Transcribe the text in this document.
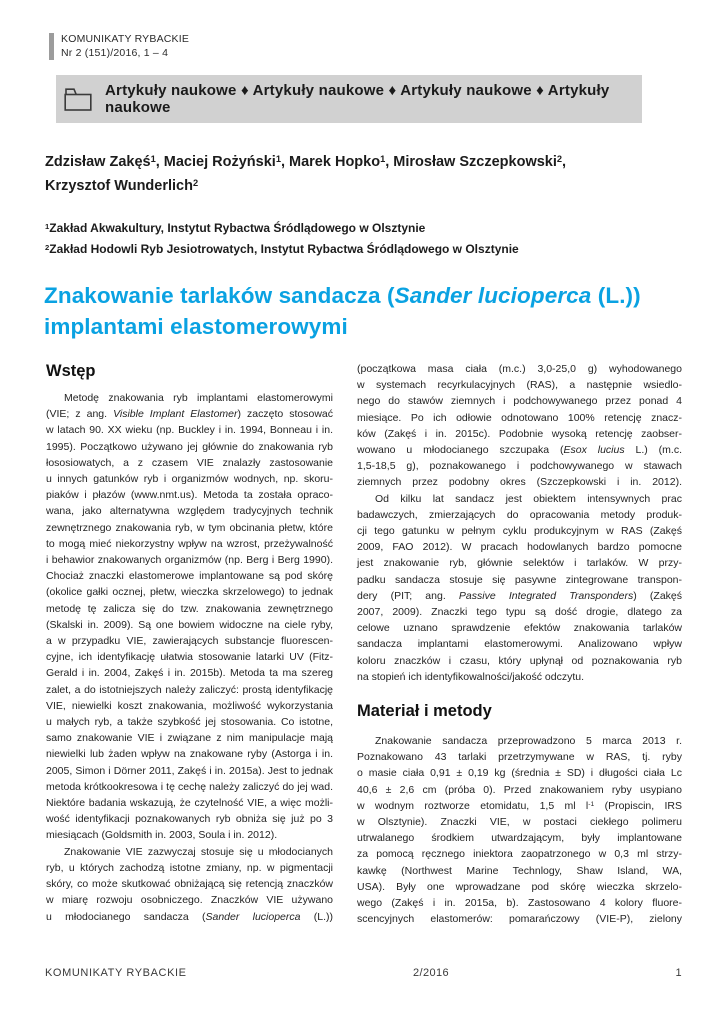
KOMUNIKATY RYBACKIE
Nr 2 (151)/2016, 1 – 4
Artykuły naukowe ♦ Artykuły naukowe ♦ Artykuły naukowe ♦ Artykuły naukowe
Zdzisław Zakęś$^1$, Maciej Rożyński$^1$, Marek Hopko$^1$, Mirosław Szczepkowski$^2$,
Krzysztof Wunderlich$^2$
$^1$Zakład Akwakultury, Instytut Rybactwa Śródlądowego w Olsztynie
$^2$Zakład Hodowli Ryb Jesiotrowatych, Instytut Rybactwa Śródlądowego w Olsztynie
Znakowanie tarlaków sandacza (Sander lucioperca (L.))
implantami elastomerowymi
Wstęp
Metodę znakowania ryb implantami elastomerowymi
(VIE; z ang. Visible Implant Elastomer) zaczęto stosować
w latach 90. XX wieku (np. Buckley i in. 1994, Bonneau i in.
1995). Początkowo używano jej głównie do znakowania ryb
łososiowatych, a z czasem VIE znalazły zastosowanie
u innych gatunków ryb i organizmów wodnych, np. skoru-
piaków i płazów (www.nmt.us). Metoda ta została opraco-
wana, jako alternatywna względem tradycyjnych technik
zewnętrznego znakowania ryb, w tym obcinania płetw, które
to mogą mieć niekorzystny wpływ na wzrost, przeżywalność
i behawior znakowanych organizmów (np. Berg i Berg 1990).
Chociaż znaczki elastomerowe implantowane są pod skórę
(okolice gałki ocznej, płetw, wieczka skrzelowego) to jednak
metodę tę zalicza się do tzw. znakowania zewnętrznego
(Skalski in. 2009). Są one bowiem widoczne na ciele ryby,
a w przypadku VIE, zawierających substancje fluorescen-
cyjne, ich identyfikację ułatwia stosowanie latarki UV (Fitz-
Gerald i in. 2004, Zakęś i in. 2015b). Metoda ta ma szereg
zalet, a do istotniejszych należy zaliczyć: prostą identyfikację
VIE, niewielki koszt znakowania, możliwość wykorzystania
u małych ryb, a także szybkość jej stosowania. Co istotne,
samo znakowanie VIE i związane z nim manipulacje mają
niewielki lub żaden wpływ na znakowane ryby (Astorga i in.
2005, Simon i Dörner 2011, Zakęś i in. 2015a). Jest to jednak
metoda krótkookresowa i tę cechę należy zaliczyć do jej wad.
Niektóre badania wskazują, że czytelność VIE, a więc możli-
wość identyfikacji poznakowanych ryb obniża się już po 3
miesiącach (Goldsmith in. 2003, Soula i in. 2012).
Znakowanie VIE zazwyczaj stosuje się u młodocianych
ryb, u których zachodzą istotne zmiany, np. w pigmentacji
skóry, co może skutkować obniżającą się retencją znaczków
w miarę rozwoju osobniczego. Znaczków VIE używano
u młodocianego sandacza (Sander lucioperca (L.))
(początkowa masa ciała (m.c.) 3,0-25,0 g) wyhodowanego
w systemach recyrkulacyjnych (RAS), a następnie wsiedlo-
nego do stawów ziemnych i podchowywanego przez ponad 4
miesiące. Po ich odłowie odnotowano 100% retencję znacz-
ków (Zakęś i in. 2015c). Podobnie wysoką retencję zaobser-
wowano u młodocianego szczupaka (Esox lucius L.) (m.c.
1,5-18,5 g), poznakowanego i podchowywanego w stawach
ziemnych przez podobny okres (Szczepkowski i in. 2012).
Od kilku lat sandacz jest obiektem intensywnych prac
badawczych, zmierzających do opracowania metody produk-
cji tego gatunku w pełnym cyklu produkcyjnym w RAS (Zakęś
2009, FAO 2012). W pracach hodowlanych bardzo pomocne
jest znakowanie ryb, głównie selektów i tarlaków. W przy-
padku sandacza stosuje się pasywne zintegrowane transpon-
dery (PIT; ang. Passive Integrated Transponders) (Zakęś
2007, 2009). Znaczki tego typu są dość drogie, dlatego za
celowe uznano sprawdzenie efektów znakowania tarlaków
sandacza implantami elastomerowymi. Analizowano wpływ
koloru znaczków i czasu, który upłynął od poznakowania ryb
na stopień ich identyfikowalności/jakość odczytu.
Materiał i metody
Znakowanie sandacza przeprowadzono 5 marca 2013 r.
Poznakowano 43 tarlaki przetrzymywane w RAS, tj. ryby
o masie ciała 0,91 ± 0,19 kg (średnia ± SD) i długości ciała Lc
40,6 ± 2,6 cm (próba 0). Przed znakowaniem ryby usypiano
w wodnym roztworze etomidatu, 1,5 ml $l^{-1}$ (Propiscin, IRS
w Olsztynie). Znaczki VIE, w postaci ciekłego polimeru
utrwalanego środkiem utwardzającym, były implantowane
za pomocą ręcznego iniektora zaopatrzonego w 0,3 ml strzy-
kawkę (Northwest Marine Technlogy, Shaw Island, WA,
USA). Były one wprowadzane pod skórę wieczka skrzelo-
wego (Zakęś i in. 2015a, b). Zastosowano 4 kolory fluore-
scencyjnych elastomerów: pomarańczowy (VIE-P), zielony
KOMUNIKATY RYBACKIE	2/2016	1
